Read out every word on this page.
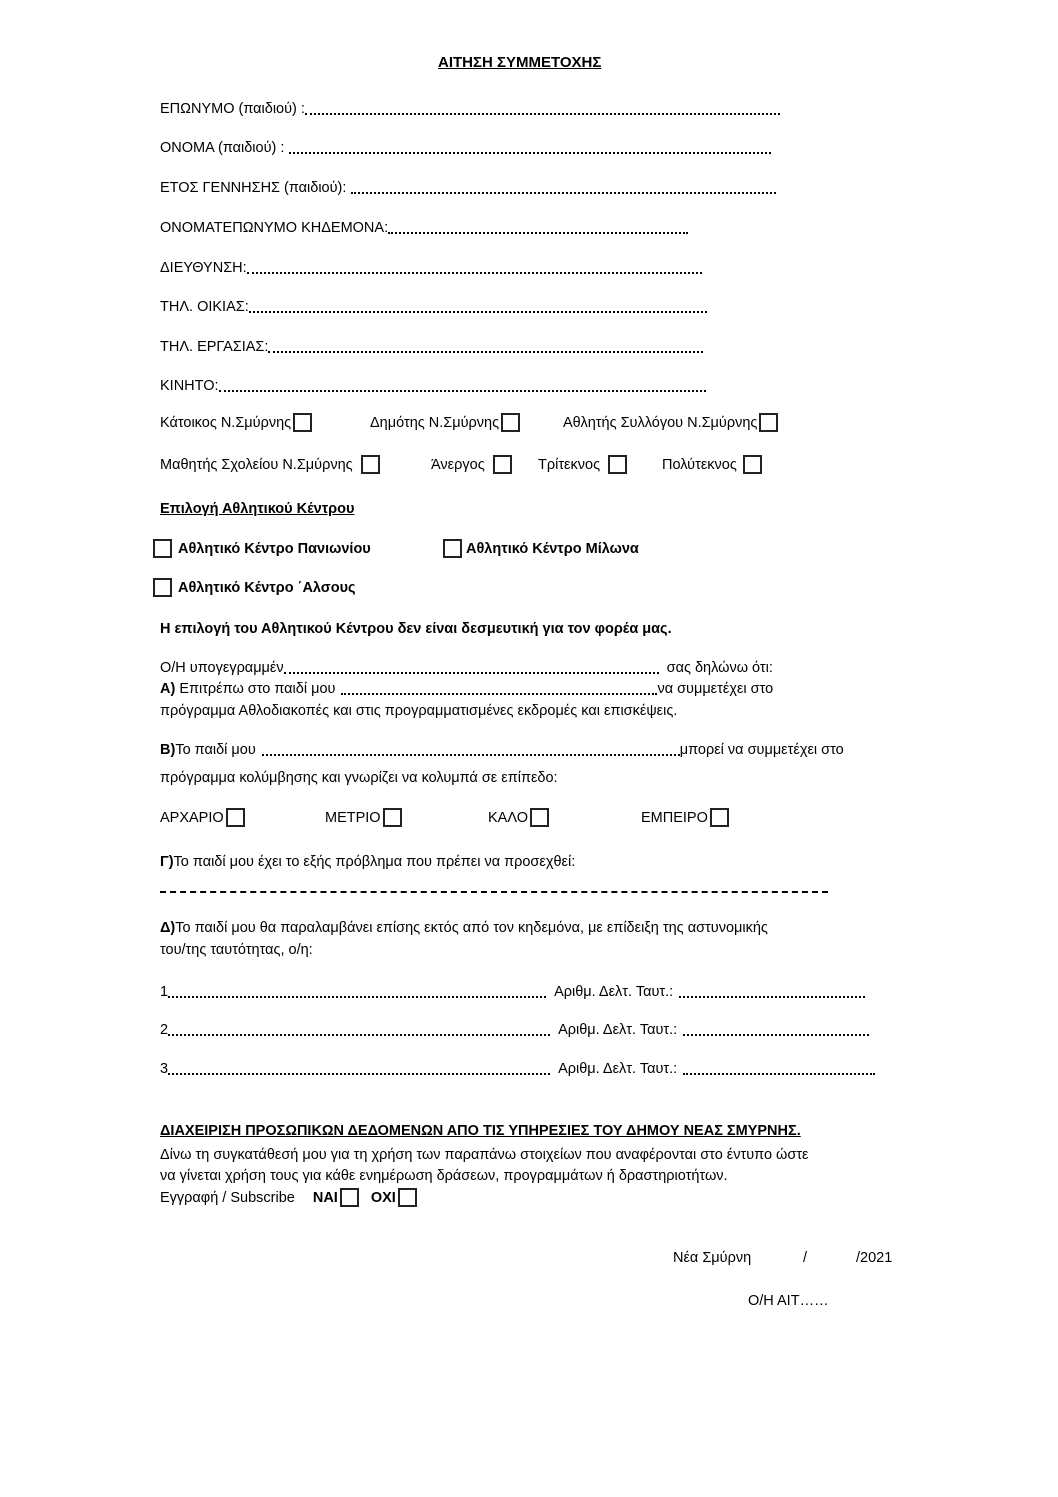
ΑΙΤΗΣΗ ΣΥΜΜΕΤΟΧΗΣ
ΕΠΩΝΥΜΟ (παιδιού) :
ΟΝΟΜΑ (παιδιού) :
ΕΤΟΣ ΓΕΝΝΗΣΗΣ (παιδιού):
ΟΝΟΜΑΤΕΠΩΝΥΜΟ ΚΗΔΕΜΟΝΑ:
ΔΙΕΥΘΥΝΣΗ:
ΤΗΛ. ΟΙΚΙΑΣ:
ΤΗΛ. ΕΡΓΑΣΙΑΣ:
ΚΙΝΗΤΟ:
Κάτοικος Ν.Σμύρνης	Δημότης Ν.Σμύρνης	Αθλητής Συλλόγου Ν.Σμύρνης
Μαθητής Σχολείου Ν.Σμύρνης	Άνεργος	Τρίτεκνος	Πολύτεκνος
Επιλογή Αθλητικού Κέντρου
Αθλητικό Κέντρο Πανιωνίου	Αθλητικό Κέντρο Μίλωνα
Αθλητικό Κέντρο ΄Αλσους
Η επιλογή του Αθλητικού Κέντρου δεν είναι δεσμευτική για τον φορέα μας.
Ο/Η υπογεγραμμέν	σας δηλώνω ότι:
Α) Επιτρέπω στο παιδί μου	να συμμετέχει στο
πρόγραμμα Αθλοδιακοπές και στις προγραμματισμένες εκδρομές και επισκέψεις.
Β) Το παιδί μου	μπορεί να συμμετέχει στο
πρόγραμμα κολύμβησης και γνωρίζει να κολυμπά σε επίπεδο:
ΑΡΧΑΡΙΟ	ΜΕΤΡΙΟ	ΚΑΛΟ	ΕΜΠΕΙΡΟ
Γ)Το παιδί μου έχει το εξής πρόβλημα που πρέπει να προσεχθεί:
Δ)Το παιδί μου θα παραλαμβάνει επίσης εκτός από τον κηδεμόνα, με επίδειξη της αστυνομικής
του/της ταυτότητας, ο/η:
1	Αριθμ. Δελτ. Ταυτ.:
2	Αριθμ. Δελτ. Ταυτ.:
3	Αριθμ. Δελτ. Ταυτ.:
ΔΙΑΧΕΙΡΙΣΗ ΠΡΟΣΩΠΙΚΩΝ ΔΕΔΟΜΕΝΩΝ ΑΠΟ ΤΙΣ ΥΠΗΡΕΣΙΕΣ ΤΟΥ ΔΗΜΟΥ ΝΕΑΣ ΣΜΥΡΝΗΣ.
Δίνω τη συγκατάθεσή μου για τη χρήση των παραπάνω στοιχείων που αναφέρονται στο έντυπο ώστε
να γίνεται χρήση τους για κάθε ενημέρωση δράσεων, προγραμμάτων ή δραστηριοτήτων.
Εγγραφή / Subscribe ΝΑΙ ΟΧΙ
Νέα Σμύρνη	/	/2021
Ο/Η ΑΙΤ……
